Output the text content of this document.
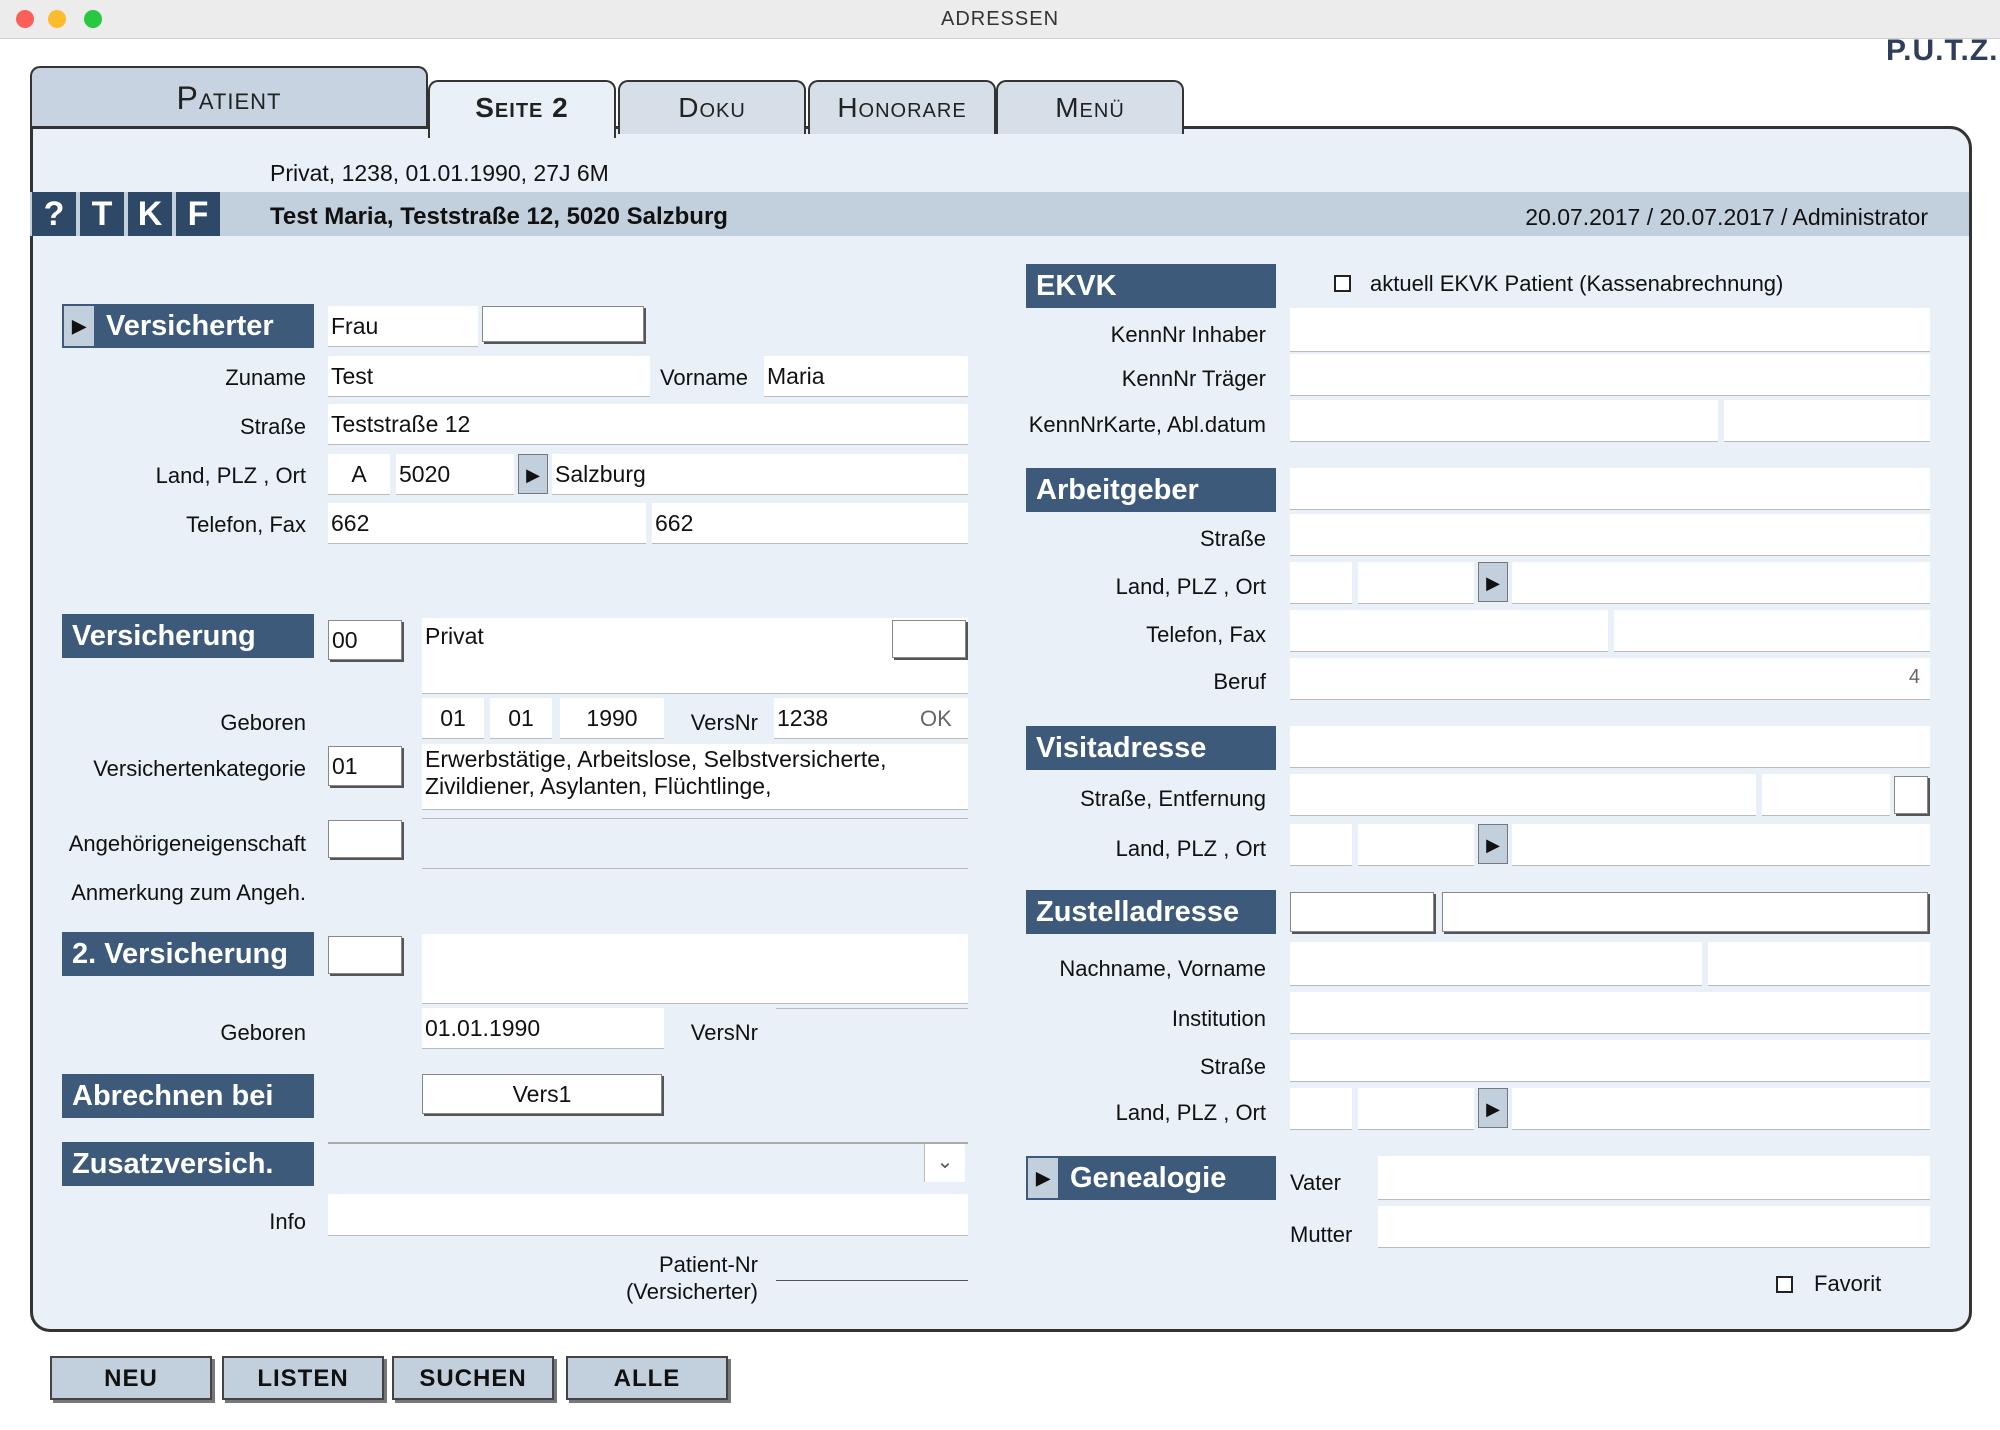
ADRESSEN
P.U.T.Z.
Patient	Seite 2	Doku	Honorare	Menü
Privat, 1238, 01.01.1990, 27J 6M
? T K F	Test Maria, Teststraße 12, 5020 Salzburg	20.07.2017 / 20.07.2017 / Administrator
▶ Versicherter	Frau
Zuname Test	Vorname Maria
Straße Teststraße 12
Land, PLZ , Ort	A	5020	▶ Salzburg
Telefon, Fax 662	662
Versicherung	00	Privat
Geboren	01	01	1990	VersNr 1238	OK
Versichertenkategorie 01	Erwerbstätige, Arbeitslose, Selbstversicherte, Zivildiener, Asylanten, Flüchtlinge,
Angehörigeneigenschaft
Anmerkung zum Angeh.
2. Versicherung
Geboren	01.01.1990	VersNr
Abrechnen bei	Vers1
Zusatzversich.	⌄
Info
Patient-Nr
(Versicherter)
EKVK	aktuell EKVK Patient (Kassenabrechnung)
KennNr Inhaber
KennNr Träger
KennNrKarte, Abl.datum
Arbeitgeber
Straße
Land, PLZ , Ort	▶
Telefon, Fax
Beruf	4
Visitadresse
Straße, Entfernung
Land, PLZ , Ort	▶
Zustelladresse
Nachname, Vorname
Institution
Straße
Land, PLZ , Ort	▶
▶ Genealogie	Vater
Mutter
Favorit
NEU	LISTEN	SUCHEN	ALLE
